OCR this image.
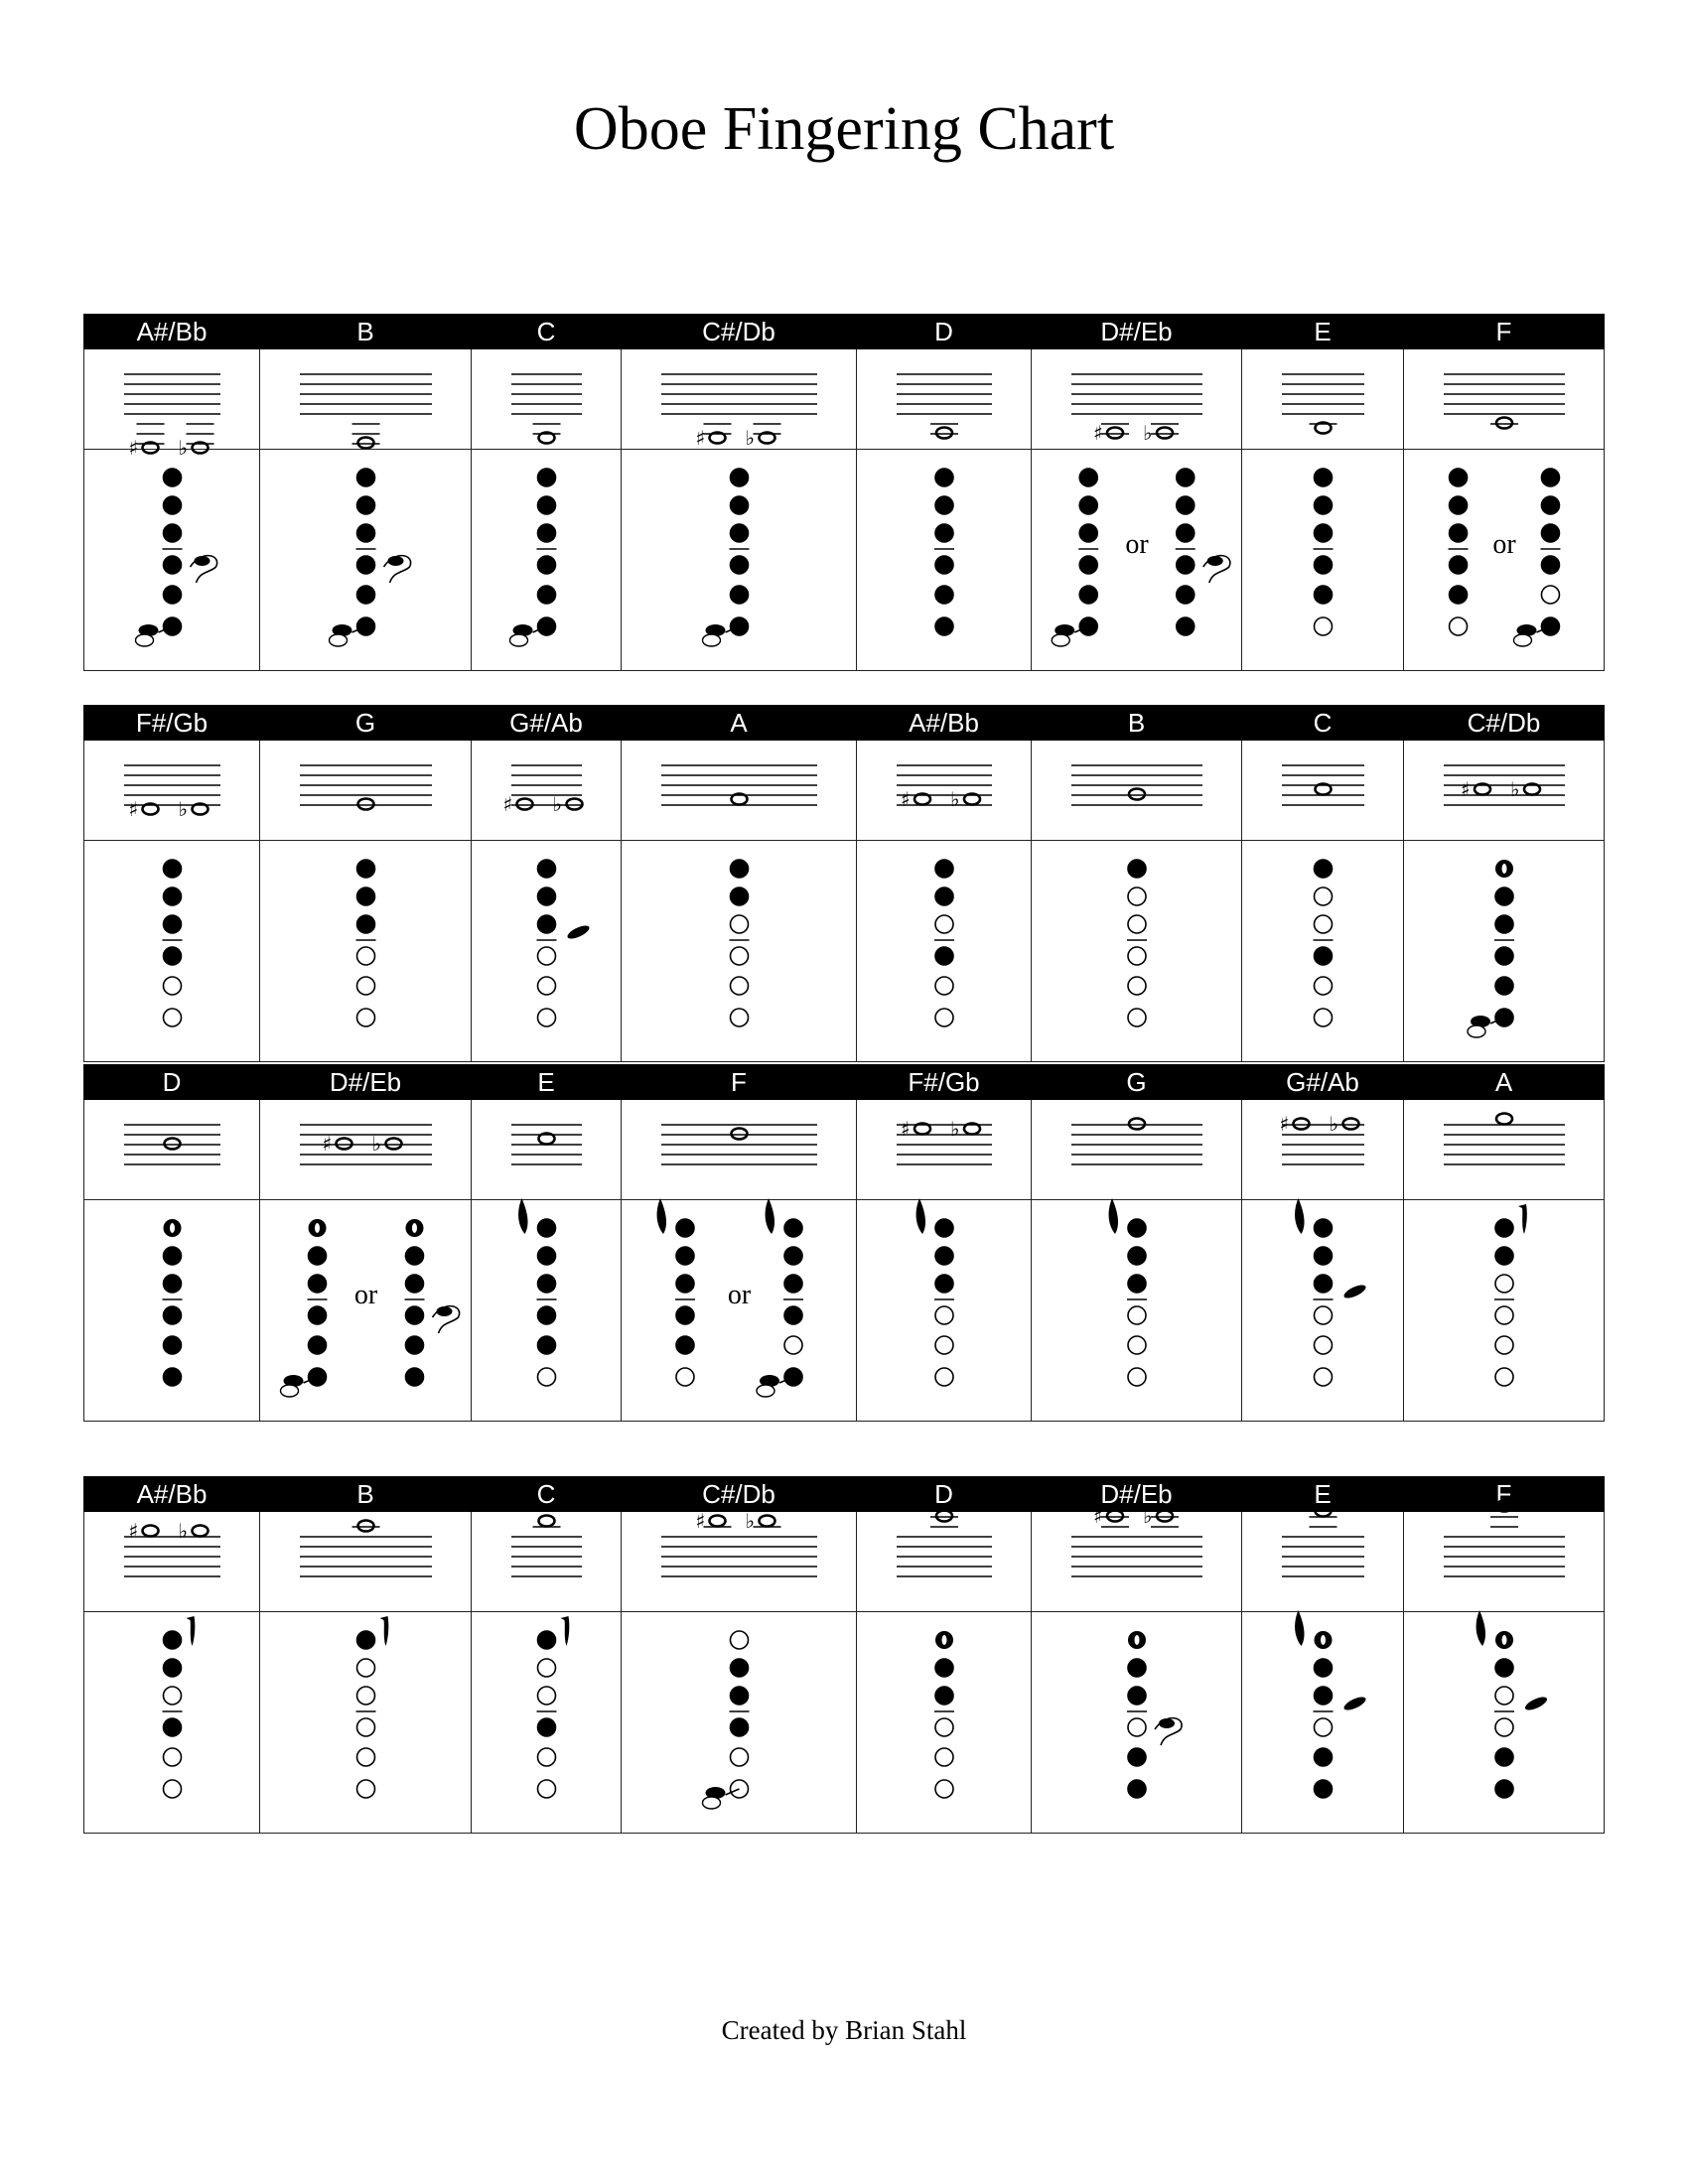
Oboe Fingering Chart
A#/Bb	B	C	C#/Db	D	D#/Eb	E	F

♯ ♭			♯ ♭		♯ ♭

or		or
F#/Gb	G	G#/Ab	A	A#/Bb	B	C	C#/Db

♯ ♭		♯ ♭		♯ ♭			♯ ♭

D	D#/Eb	E	F	F#/Gb	G	G#/Ab	A

♯ ♭			♯ ♭		♯ ♭

or		or

A#/Bb	B	C	C#/Db	D	D#/Eb	E	F

♯ ♭			♯ ♭		♯ ♭

Created by Brian Stahl
